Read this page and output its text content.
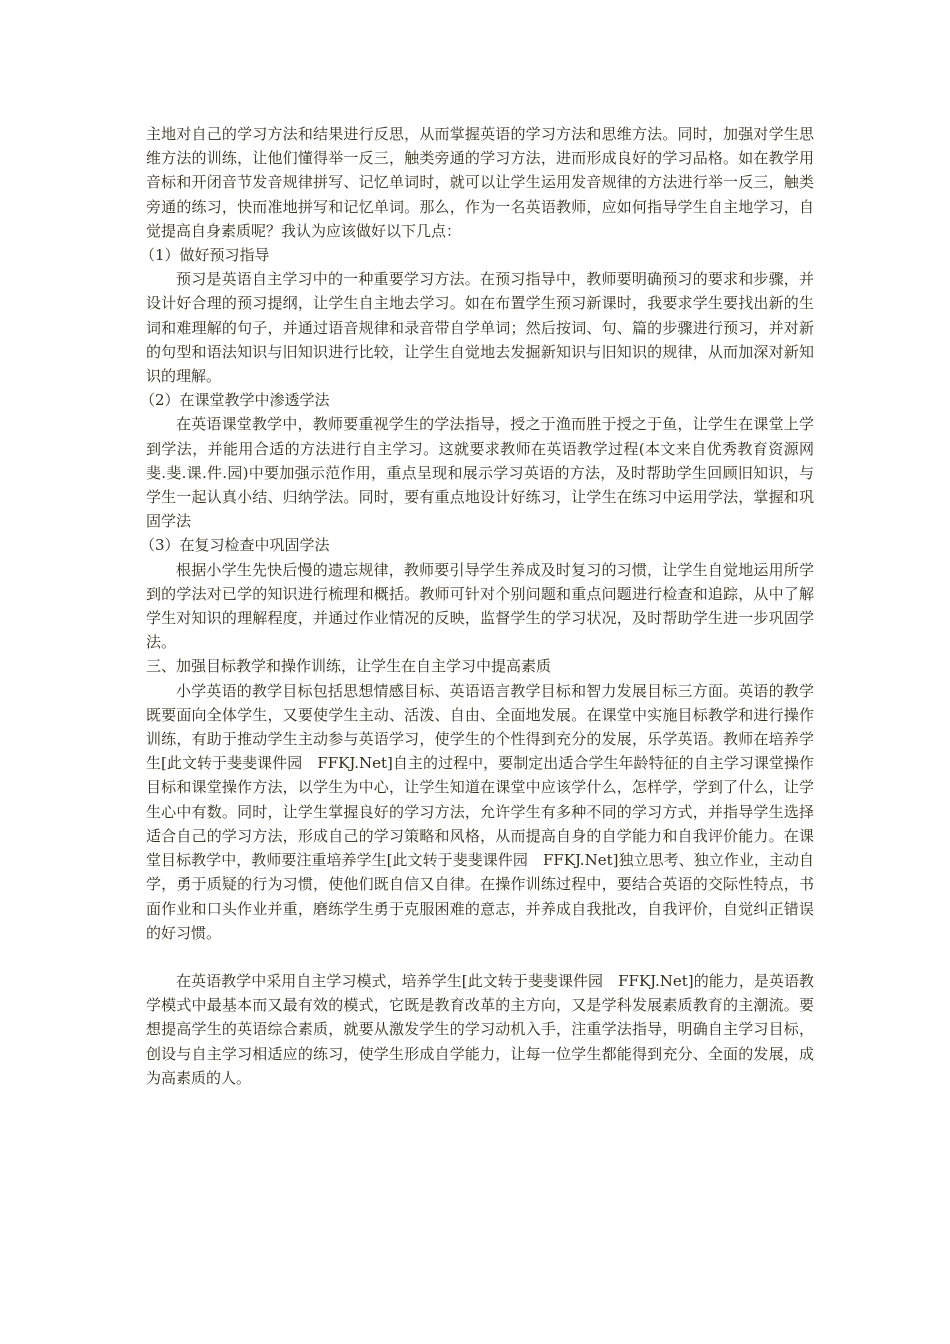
主地对自己的学习方法和结果进行反思，从而掌握英语的学习方法和思维方法。同时，加强对学生思维方法的训练，让他们懂得举一反三，触类旁通的学习方法，进而形成良好的学习品格。如在教学用音标和开闭音节发音规律拼写、记忆单词时，就可以让学生运用发音规律的方法进行举一反三，触类旁通的练习，快而准地拼写和记忆单词。那么，作为一名英语教师，应如何指导学生自主地学习，自觉提高自身素质呢？我认为应该做好以下几点：

（1）做好预习指导

预习是英语自主学习中的一种重要学习方法。在预习指导中，教师要明确预习的要求和步骤，并设计好合理的预习提纲，让学生自主地去学习。如在布置学生预习新课时，我要求学生要找出新的生词和难理解的句子，并通过语音规律和录音带自学单词；然后按词、句、篇的步骤进行预习，并对新的句型和语法知识与旧知识进行比较，让学生自觉地去发掘新知识与旧知识的规律，从而加深对新知识的理解。

（2）在课堂教学中渗透学法

在英语课堂教学中，教师要重视学生的学法指导，授之于渔而胜于授之于鱼，让学生在课堂上学到学法，并能用合适的方法进行自主学习。这就要求教师在英语教学过程(本文来自优秀教育资源网斐.斐.课.件.园)中要加强示范作用，重点呈现和展示学习英语的方法，及时帮助学生回顾旧知识，与学生一起认真小结、归纳学法。同时，要有重点地设计好练习，让学生在练习中运用学法，掌握和巩固学法

（3）在复习检查中巩固学法

根据小学生先快后慢的遗忘规律，教师要引导学生养成及时复习的习惯，让学生自觉地运用所学到的学法对已学的知识进行梳理和概括。教师可针对个别问题和重点问题进行检查和追踪，从中了解学生对知识的理解程度，并通过作业情况的反映，监督学生的学习状况，及时帮助学生进一步巩固学法。

三、加强目标教学和操作训练，让学生在自主学习中提高素质

小学英语的教学目标包括思想情感目标、英语语言教学目标和智力发展目标三方面。英语的教学既要面向全体学生，又要使学生主动、活泼、自由、全面地发展。在课堂中实施目标教学和进行操作训练，有助于推动学生主动参与英语学习，使学生的个性得到充分的发展，乐学英语。教师在培养学生[此文转于斐斐课件园　FFKJ.Net]自主的过程中，要制定出适合学生年龄特征的自主学习课堂操作目标和课堂操作方法，以学生为中心，让学生知道在课堂中应该学什么，怎样学，学到了什么，让学生心中有数。同时，让学生掌握良好的学习方法，允许学生有多种不同的学习方式，并指导学生选择适合自己的学习方法，形成自己的学习策略和风格，从而提高自身的自学能力和自我评价能力。在课堂目标教学中，教师要注重培养学生[此文转于斐斐课件园　FFKJ.Net]独立思考、独立作业，主动自学，勇于质疑的行为习惯，使他们既自信又自律。在操作训练过程中，要结合英语的交际性特点，书面作业和口头作业并重，磨练学生勇于克服困难的意志，并养成自我批改，自我评价，自觉纠正错误的好习惯。

在英语教学中采用自主学习模式，培养学生[此文转于斐斐课件园　FFKJ.Net]的能力，是英语教学模式中最基本而又最有效的模式，它既是教育改革的主方向，又是学科发展素质教育的主潮流。要想提高学生的英语综合素质，就要从激发学生的学习动机入手，注重学法指导，明确自主学习目标，创设与自主学习相适应的练习，使学生形成自学能力，让每一位学生都能得到充分、全面的发展，成为高素质的人。
